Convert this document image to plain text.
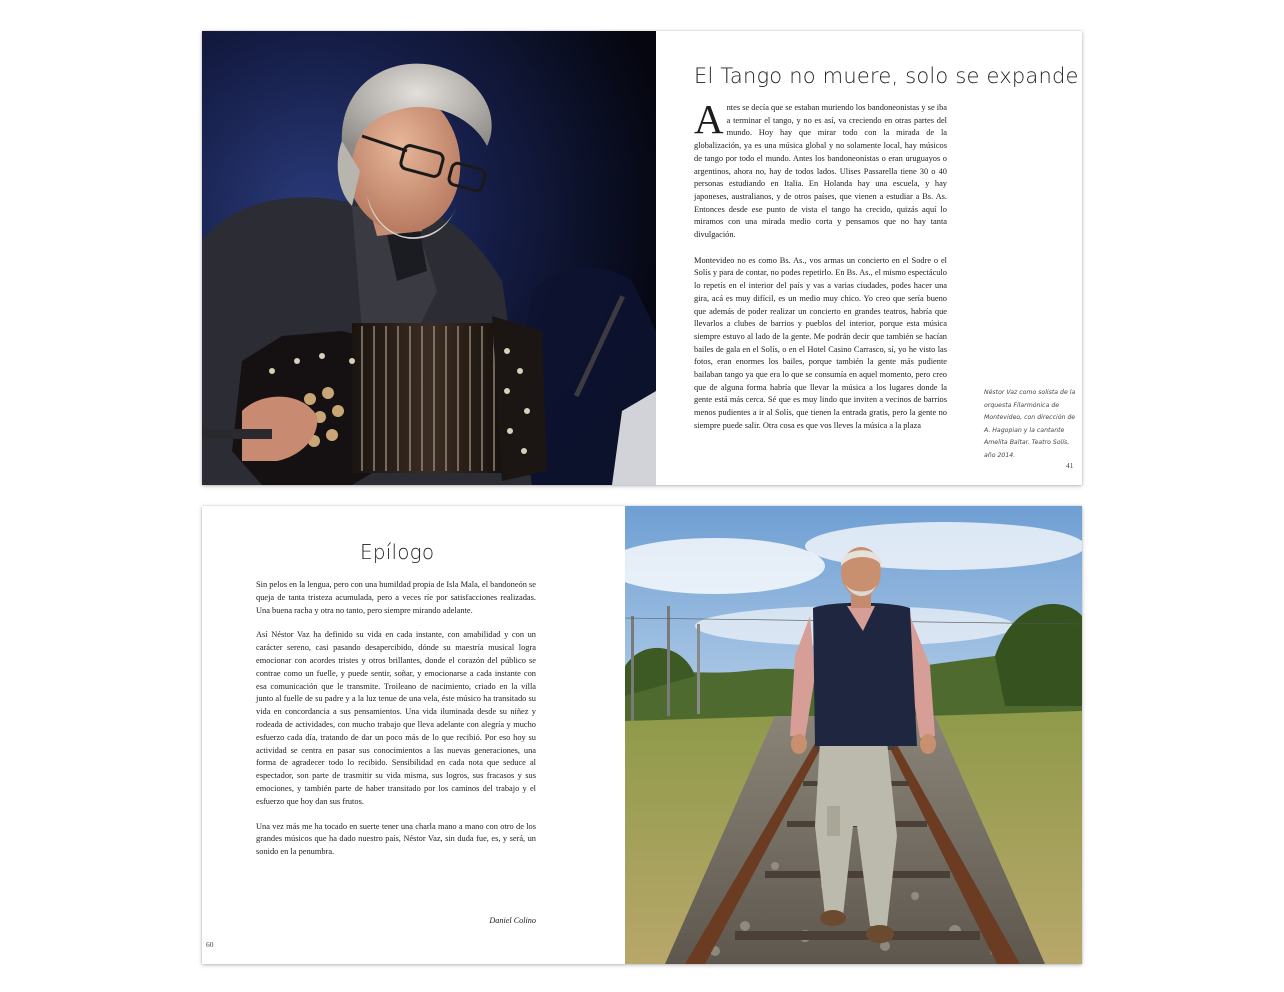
El Tango no muere, solo se expande

Antes se decía que se estaban muriendo los bandoneonistas y se iba a terminar el tango, y no es así, va creciendo en otras partes del mundo. Hoy hay que mirar todo con la mirada de la globalización, ya es una música global y no solamente local, hay músicos de tango por todo el mundo. Antes los bandoneonistas o eran uruguayos o argentinos, ahora no, hay de todos lados. Ulises Passarella tiene 30 o 40 personas estudiando en Italia. En Holanda hay una escuela, y hay japoneses, australianos, y de otros países, que vienen a estudiar a Bs. As. Entonces desde ese punto de vista el tango ha crecido, quizás aquí lo miramos con una mirada medio corta y pensamos que no hay tanta divulgación.

Montevideo no es como Bs. As., vos armas un concierto en el Sodre o el Solís y para de contar, no podes repetirlo. En Bs. As., el mismo espectáculo lo repetís en el interior del país y vas a varias ciudades, podes hacer una gira, acá es muy difícil, es un medio muy chico. Yo creo que sería bueno que además de poder realizar un concierto en grandes teatros, habría que llevarlos a clubes de barrios y pueblos del interior, porque esta música siempre estuvo al lado de la gente. Me podrán decir que también se hacían bailes de gala en el Solís, o en el Hotel Casino Carrasco, sí, yo he visto las fotos, eran enormes los bailes, porque también la gente más pudiente bailaban tango ya que era lo que se consumía en aquel momento, pero creo que de alguna forma habría que llevar la música a los lugares donde la gente está más cerca. Sé que es muy lindo que inviten a vecinos de barrios menos pudientes a ir al Solís, que tienen la entrada gratis, pero la gente no siempre puede salir. Otra cosa es que vos lleves la música a la plaza

Néstor Vaz como solista de la orquesta Filarmónica de Montevideo, con dirección de A. Hagopian y la cantante Amelita Baltar. Teatro Solís, año 2014.
41
Epílogo

Sin pelos en la lengua, pero con una humildad propia de Isla Mala, el bandoneón se queja de tanta tristeza acumulada, pero a veces ríe por satisfacciones realizadas. Una buena racha y otra no tanto, pero siempre mirando adelante.

Así Néstor Vaz ha definido su vida en cada instante, con amabilidad y con un carácter sereno, casi pasando desapercibido, dónde su maestría musical logra emocionar con acordes tristes y otros brillantes, donde el corazón del público se contrae como un fuelle, y puede sentir, soñar, y emocionarse a cada instante con esa comunicación que le transmite. Troileano de nacimiento, criado en la villa junto al fuelle de su padre y a la luz tenue de una vela, éste músico ha transitado su vida en concordancia a sus pensamientos. Una vida iluminada desde su niñez y rodeada de actividades, con mucho trabajo que lleva adelante con alegría y mucho esfuerzo cada día, tratando de dar un poco más de lo que recibió. Por eso hoy su actividad se centra en pasar sus conocimientos a las nuevas generaciones, una forma de agradecer todo lo recibido. Sensibilidad en cada nota que seduce al espectador, son parte de trasmitir su vida misma, sus logros, sus fracasos y sus emociones, y también parte de haber transitado por los caminos del trabajo y el esfuerzo que hoy dan sus frutos.

Una vez más me ha tocado en suerte tener una charla mano a mano con otro de los grandes músicos que ha dado nuestro país, Néstor Vaz, sin duda fue, es, y será, un sonido en la penumbra.

Daniel Colino
60
